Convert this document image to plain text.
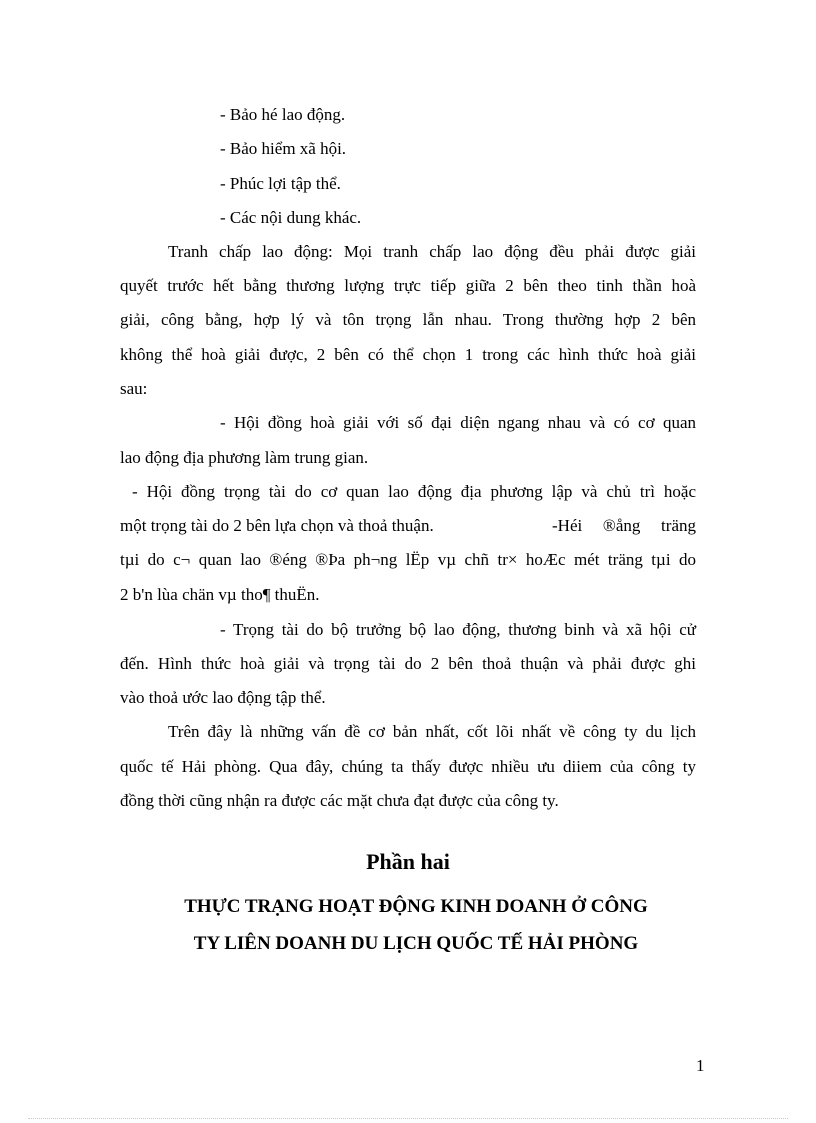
- Bảo hé lao động.

- Bảo hiểm xã hội.

- Phúc lợi tập thể.

- Các nội dung khác.

Tranh chấp lao động: Mọi tranh chấp lao động đều phải được giải

quyết trước hết bằng thương lượng trực tiếp giữa 2 bên theo tinh thần hoà

giải, công bằng, hợp lý và tôn trọng lẫn nhau. Trong thường hợp 2 bên

không thể hoà giải được, 2 bên có thể chọn 1 trong các hình thức hoà giải

sau:

- Hội đồng hoà giải với số đại diện ngang nhau và có cơ quan

lao động địa phương làm trung gian.

- Hội đồng trọng tài do cơ quan lao động địa phương lập và chủ trì hoặc

một trọng tài do 2 bên lựa chọn và thoả thuận.	-Héi ®ång träng

tµi do c¬ quan lao ®éng ®Þa ph¬ng lËp vµ chñ tr× hoÆc mét träng tµi do

2 b'n lùa chän vµ tho¶ thuËn.

- Trọng tài do bộ trưởng bộ lao động, thương binh và xã hội cử

đến. Hình thức hoà giải và trọng tài do 2 bên thoả thuận và phải được ghi

vào thoả ước lao động tập thể.

Trên đây là những vấn đề cơ bản nhất, cốt lõi nhất về công ty du lịch

quốc tế Hải phòng. Qua đây, chúng ta thấy được nhiều ưu diiem của công ty

đồng thời cũng nhận ra được các mặt chưa đạt được của công ty.

Phần hai
THỰC TRẠNG HOẠT ĐỘNG KINH DOANH Ở CÔNG
TY LIÊN DOANH DU LỊCH QUỐC TẾ HẢI PHÒNG
1
